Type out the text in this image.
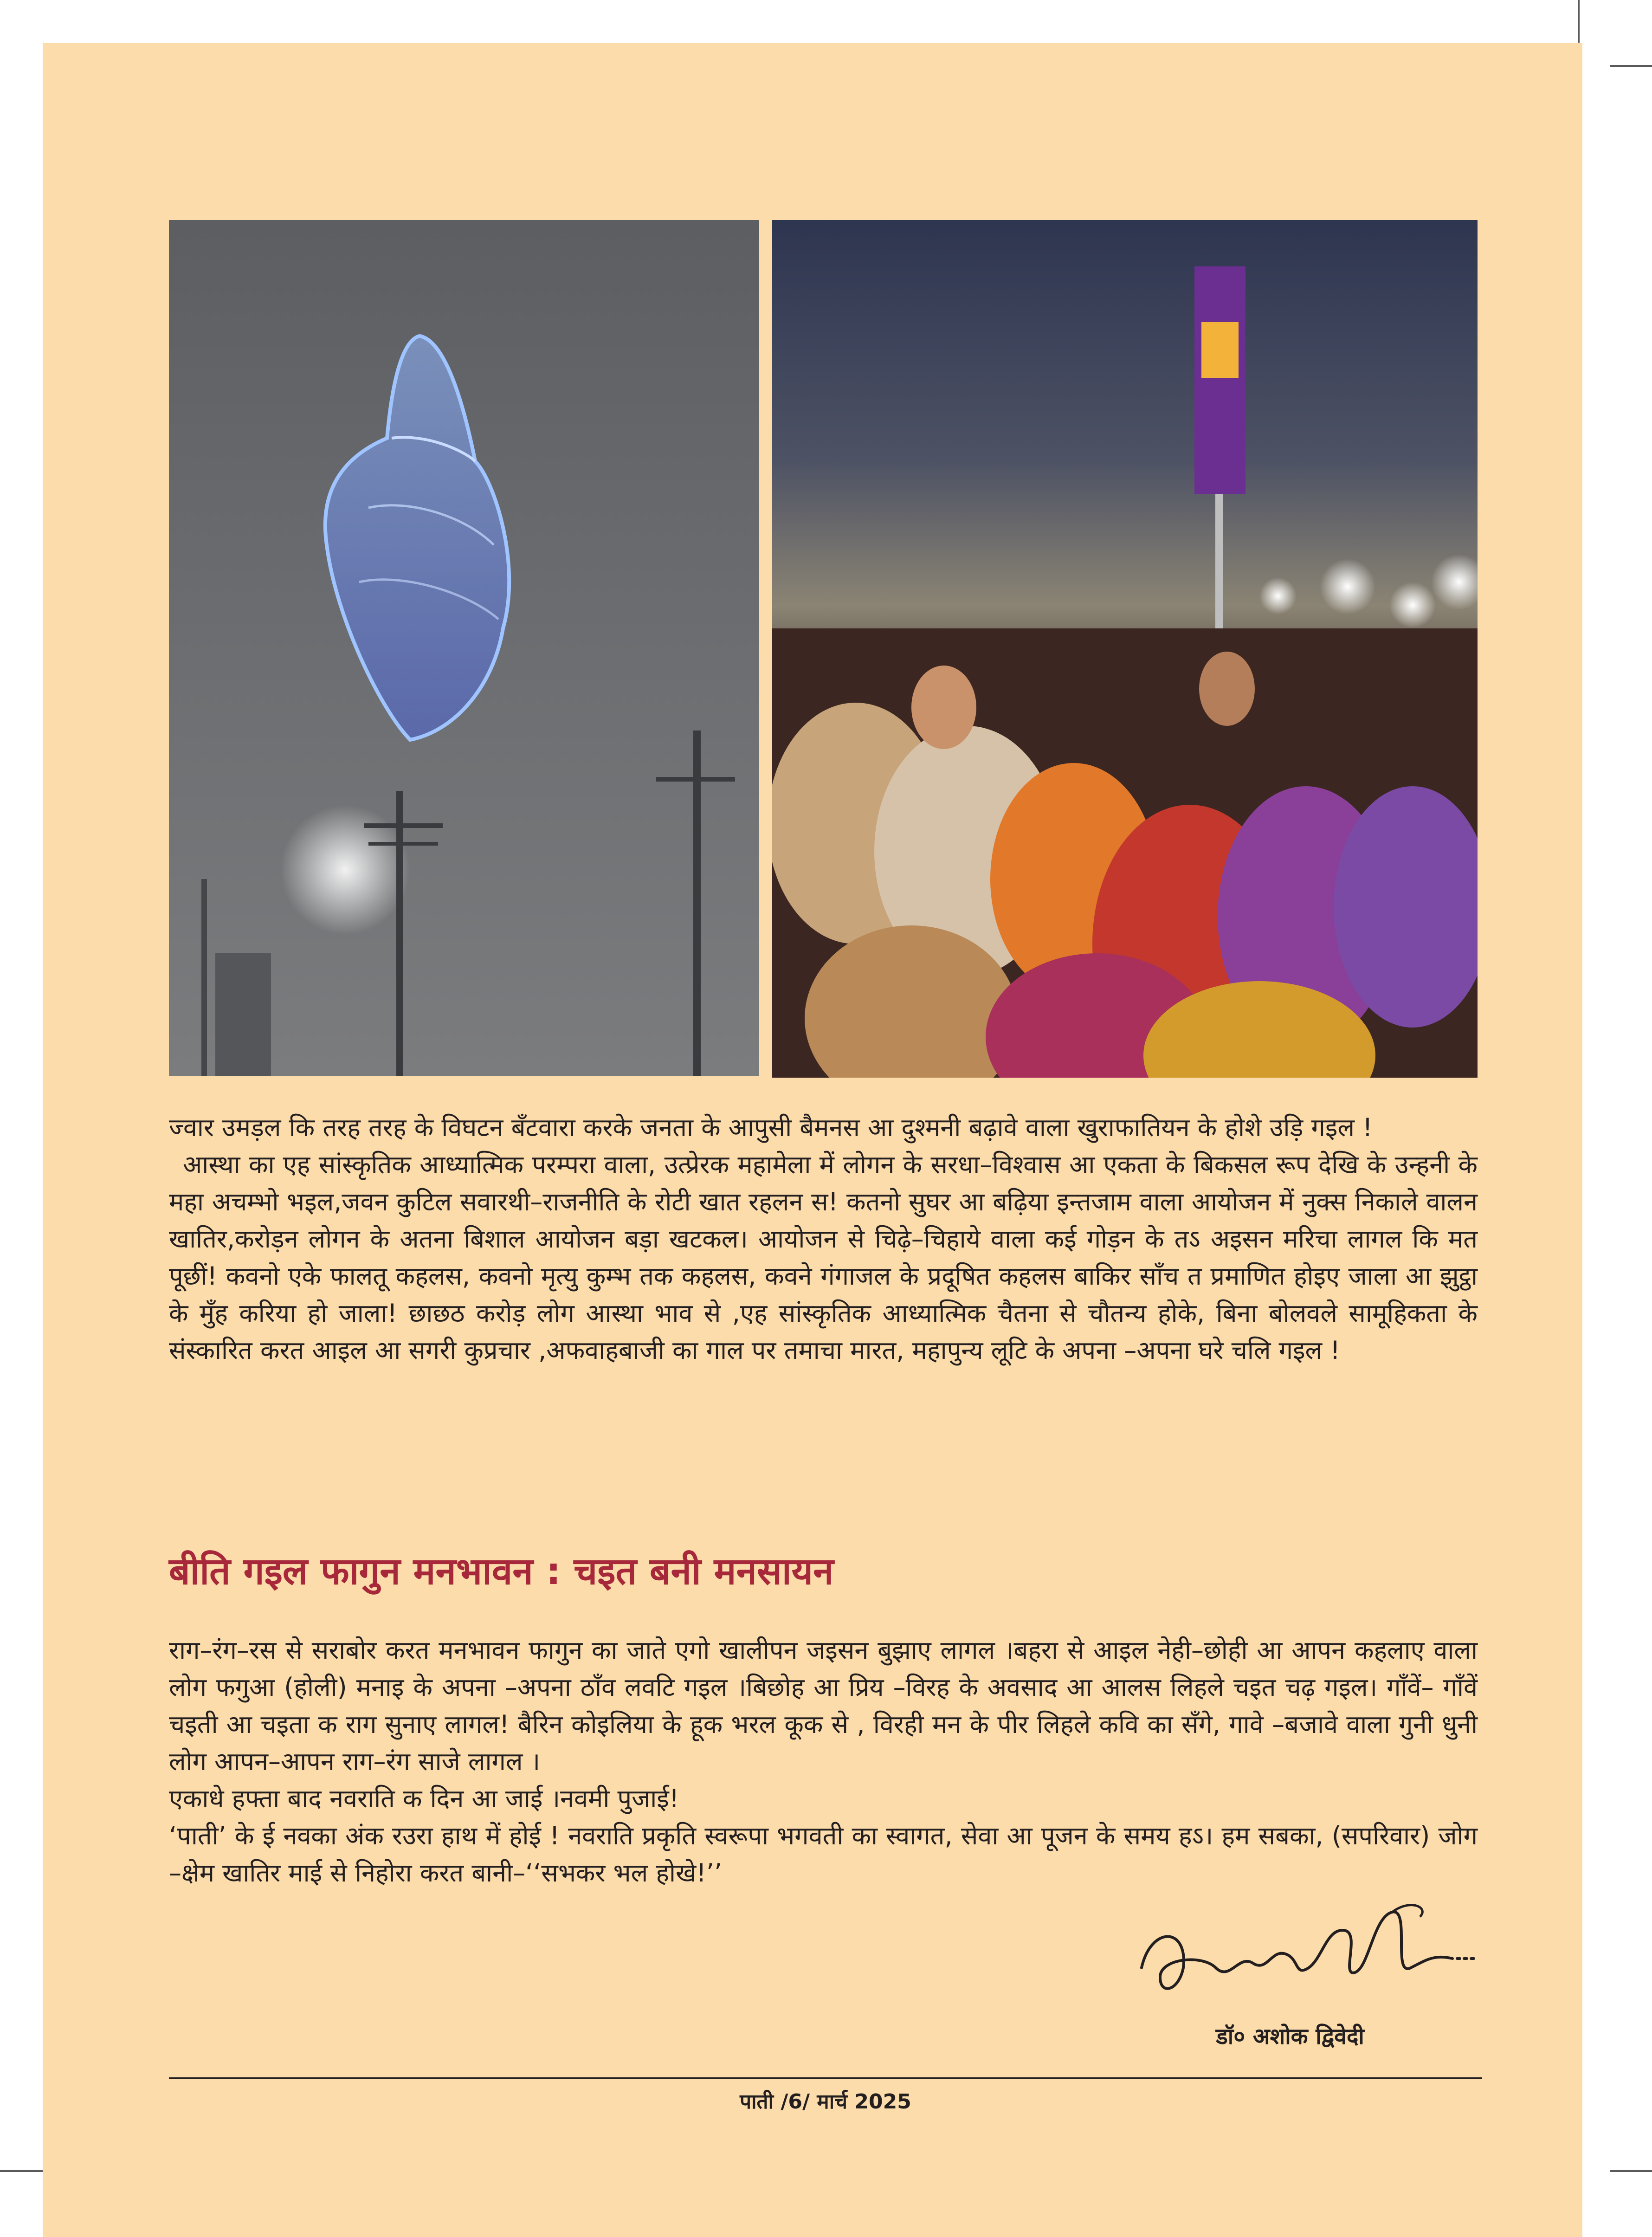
ज्वार उमड़ल कि तरह तरह के विघटन बँटवारा करके जनता के आपुसी बैमनस आ दुश्मनी बढ़ावे वाला खुराफातियन के होशे उड़ि गइल !

आस्था का एह सांस्कृतिक आध्यात्मिक परम्परा वाला, उत्प्रेरक महामेला में लोगन के सरधा–विश्वास आ एकता के बिकसल रूप देखि के उन्हनी के महा अचम्भो भइल,जवन कुटिल सवारथी–राजनीति के रोटी खात रहलन स! कतनो सुघर आ बढ़िया इन्तजाम वाला आयोजन में नुक्स निकाले वालन खातिर,करोड़न लोगन के अतना बिशाल आयोजन बड़ा खटकल। आयोजन से चिढ़े–चिहाये वाला कई गोड़न के तऽ अइसन मरिचा लागल कि मत पूछीं! कवनो एके फालतू कहलस, कवनो मृत्यु कुम्भ तक कहलस, कवने गंगाजल के प्रदूषित कहलस बाकिर साँच त प्रमाणित होइए जाला आ झुट्ठा के मुँह करिया हो जाला! छाछठ करोड़ लोग आस्था भाव से ,एह सांस्कृतिक आध्यात्मिक चैतना से चौतन्य होके, बिना बोलवले सामूहिकता के संस्कारित करत आइल आ सगरी कुप्रचार ,अफवाहबाजी का गाल पर तमाचा मारत, महापुन्य लूटि के अपना –अपना घरे चलि गइल !

बीति गइल फागुन मनभावन : चइत बनी मनसायन

राग–रंग–रस से सराबोर करत मनभावन फागुन का जाते एगो खालीपन जइसन बुझाए लागल ।बहरा से आइल नेही–छोही आ आपन कहलाए वाला लोग फगुआ (होली) मनाइ के अपना –अपना ठाँव लवटि गइल ।बिछोह आ प्रिय –विरह के अवसाद आ आलस लिहले चइत चढ़ गइल। गाँवें– गाँवें चइती आ चइता क राग सुनाए लागल! बैरिन कोइलिया के हूक भरल कूक से , विरही मन के पीर लिहले कवि का सँगे, गावे –बजावे वाला गुनी धुनी लोग आपन–आपन राग–रंग साजे लागल ।

एकाधे हफ्ता बाद नवराति क दिन आ जाई ।नवमी पुजाई!

‘पाती’ के ई नवका अंक रउरा हाथ में होई ! नवराति प्रकृति स्वरूपा भगवती का स्वागत, सेवा आ पूजन के समय हऽ। हम सबका, (सपरिवार) जोग –क्षेम खातिर माई से निहोरा करत बानी–‘‘सभकर भल होखे!’’

डॉ० अशोक द्विवेदी
पाती /6/ मार्च 2025
